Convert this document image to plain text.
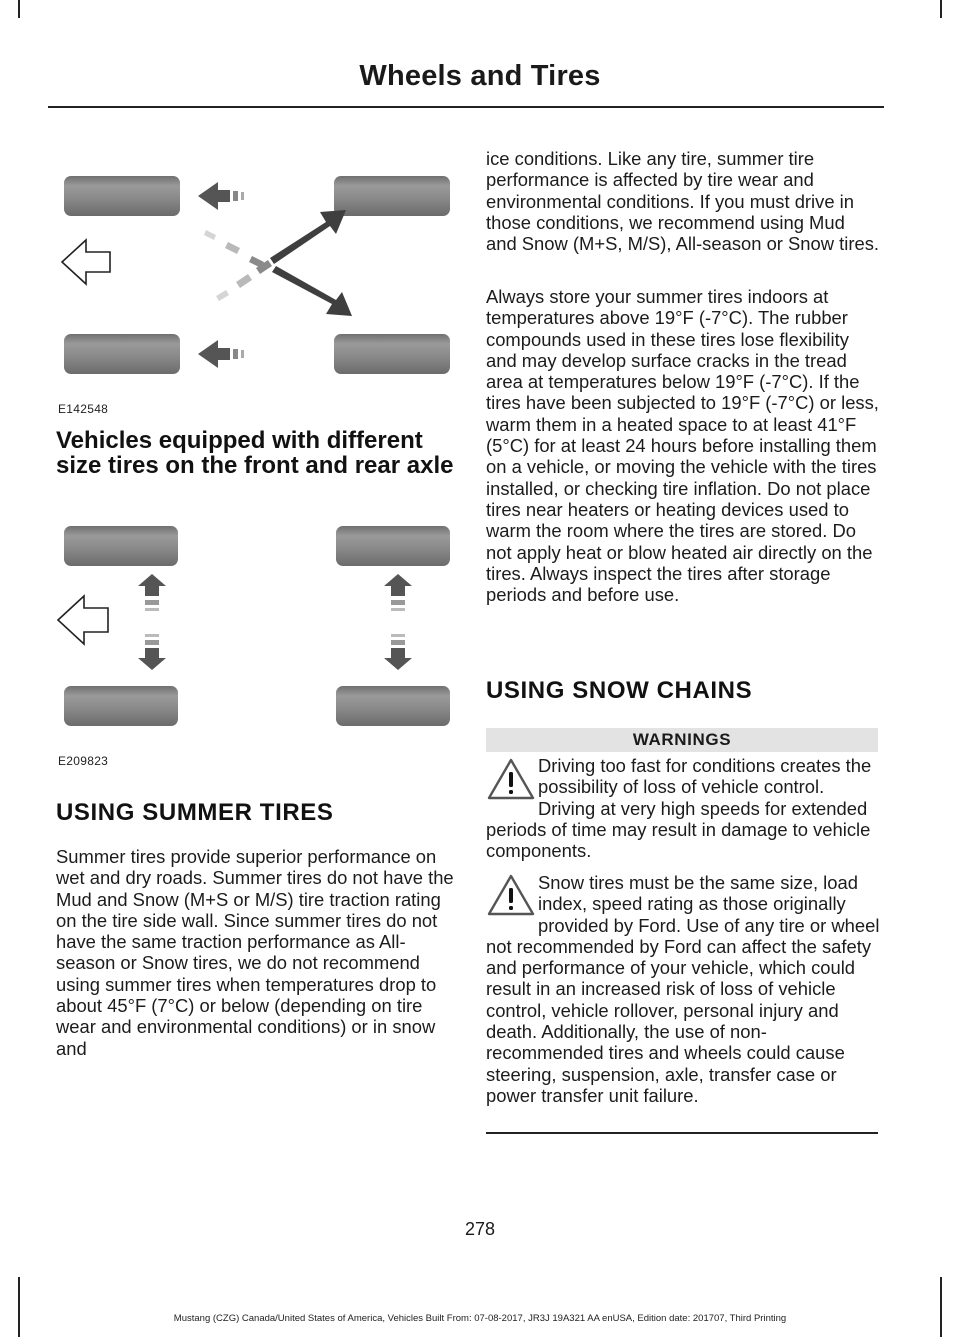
Wheels and Tires
E142548
Vehicles equipped with different size tires on the front and rear axle
E209823
USING SUMMER TIRES
Summer tires provide superior performance on wet and dry roads. Summer tires do not have the Mud and Snow (M+S or M/S) tire traction rating on the tire side wall. Since summer tires do not have the same traction performance as All-season or Snow tires, we do not recommend using summer tires when temperatures drop to about 45°F (7°C) or below (depending on tire wear and environmental conditions) or in snow and
ice conditions. Like any tire, summer tire performance is affected by tire wear and environmental conditions. If you must drive in those conditions, we recommend using Mud and Snow (M+S, M/S), All-season or Snow tires.
Always store your summer tires indoors at temperatures above 19°F (-7°C). The rubber compounds used in these tires lose flexibility and may develop surface cracks in the tread area at temperatures below 19°F (-7°C). If the tires have been subjected to 19°F (-7°C) or less, warm them in a heated space to at least 41°F (5°C) for at least 24 hours before installing them on a vehicle, or moving the vehicle with the tires installed, or checking tire inflation. Do not place tires near heaters or heating devices used to warm the room where the tires are stored. Do not apply heat or blow heated air directly on the tires. Always inspect the tires after storage periods and before use.
USING SNOW CHAINS
WARNINGS
Driving too fast for conditions creates the possibility of loss of vehicle control. Driving at very high speeds for extended periods of time may result in damage to vehicle components.
Snow tires must be the same size, load index, speed rating as those originally provided by Ford. Use of any tire or wheel not recommended by Ford can affect the safety and performance of your vehicle, which could result in an increased risk of loss of vehicle control, vehicle rollover, personal injury and death. Additionally, the use of non-recommended tires and wheels could cause steering, suspension, axle, transfer case or power transfer unit failure.
278
Mustang (CZG) Canada/United States of America, Vehicles Built From: 07-08-2017, JR3J 19A321 AA enUSA, Edition date: 201707, Third Printing
